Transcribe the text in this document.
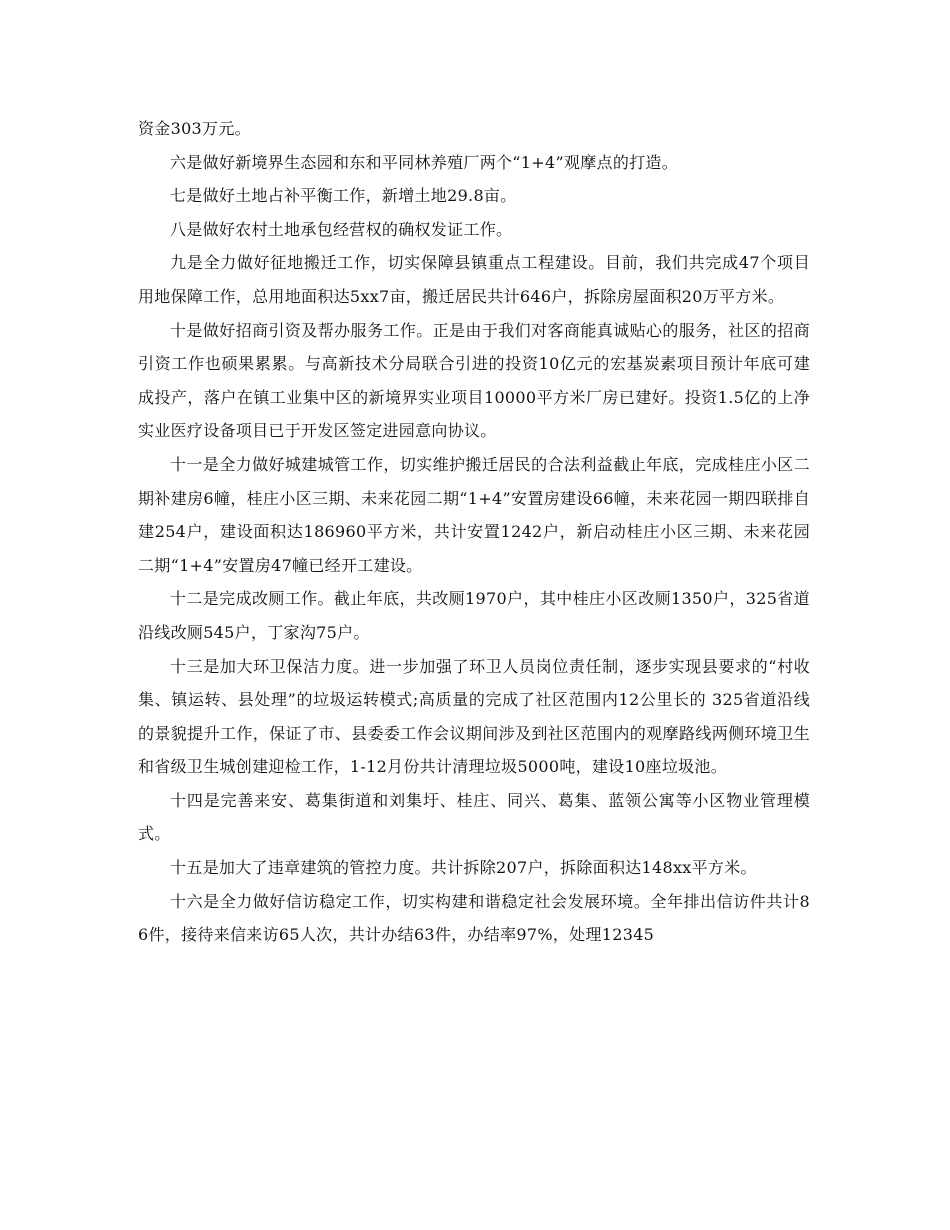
资金303万元。

六是做好新境界生态园和东和平同林养殖厂两个“1+4”观摩点的打造。

七是做好土地占补平衡工作，新增土地29.8亩。

八是做好农村土地承包经营权的确权发证工作。

九是全力做好征地搬迁工作，切实保障县镇重点工程建设。目前，我们共完成47个项目用地保障工作，总用地面积达5xx7亩，搬迁居民共计646户，拆除房屋面积20万平方米。

十是做好招商引资及帮办服务工作。正是由于我们对客商能真诚贴心的服务，社区的招商引资工作也硕果累累。与高新技术分局联合引进的投资10亿元的宏基炭素项目预计年底可建成投产，落户在镇工业集中区的新境界实业项目10000平方米厂房已建好。投资1.5亿的上净实业医疗设备项目已于开发区签定进园意向协议。

十一是全力做好城建城管工作，切实维护搬迁居民的合法利益截止年底，完成桂庄小区二期补建房6幢，桂庄小区三期、未来花园二期“1+4”安置房建设66幢，未来花园一期四联排自建254户，建设面积达186960平方米，共计安置1242户，新启动桂庄小区三期、未来花园二期“1+4”安置房47幢已经开工建设。

十二是完成改厕工作。截止年底，共改厕1970户，其中桂庄小区改厕1350户，325省道沿线改厕545户，丁家沟75户。

十三是加大环卫保洁力度。进一步加强了环卫人员岗位责任制，逐步实现县要求的“村收集、镇运转、县处理”的垃圾运转模式;高质量的完成了社区范围内12公里长的 325省道沿线的景貌提升工作，保证了市、县委委工作会议期间涉及到社区范围内的观摩路线两侧环境卫生和省级卫生城创建迎检工作，1-12月份共计清理垃圾5000吨，建设10座垃圾池。

十四是完善来安、葛集街道和刘集圩、桂庄、同兴、葛集、蓝领公寓等小区物业管理模式。

十五是加大了违章建筑的管控力度。共计拆除207户，拆除面积达148xx平方米。

十六是全力做好信访稳定工作，切实构建和谐稳定社会发展环境。全年排出信访件共计86件，接待来信来访65人次，共计办结63件，办结率97%，处理12345
